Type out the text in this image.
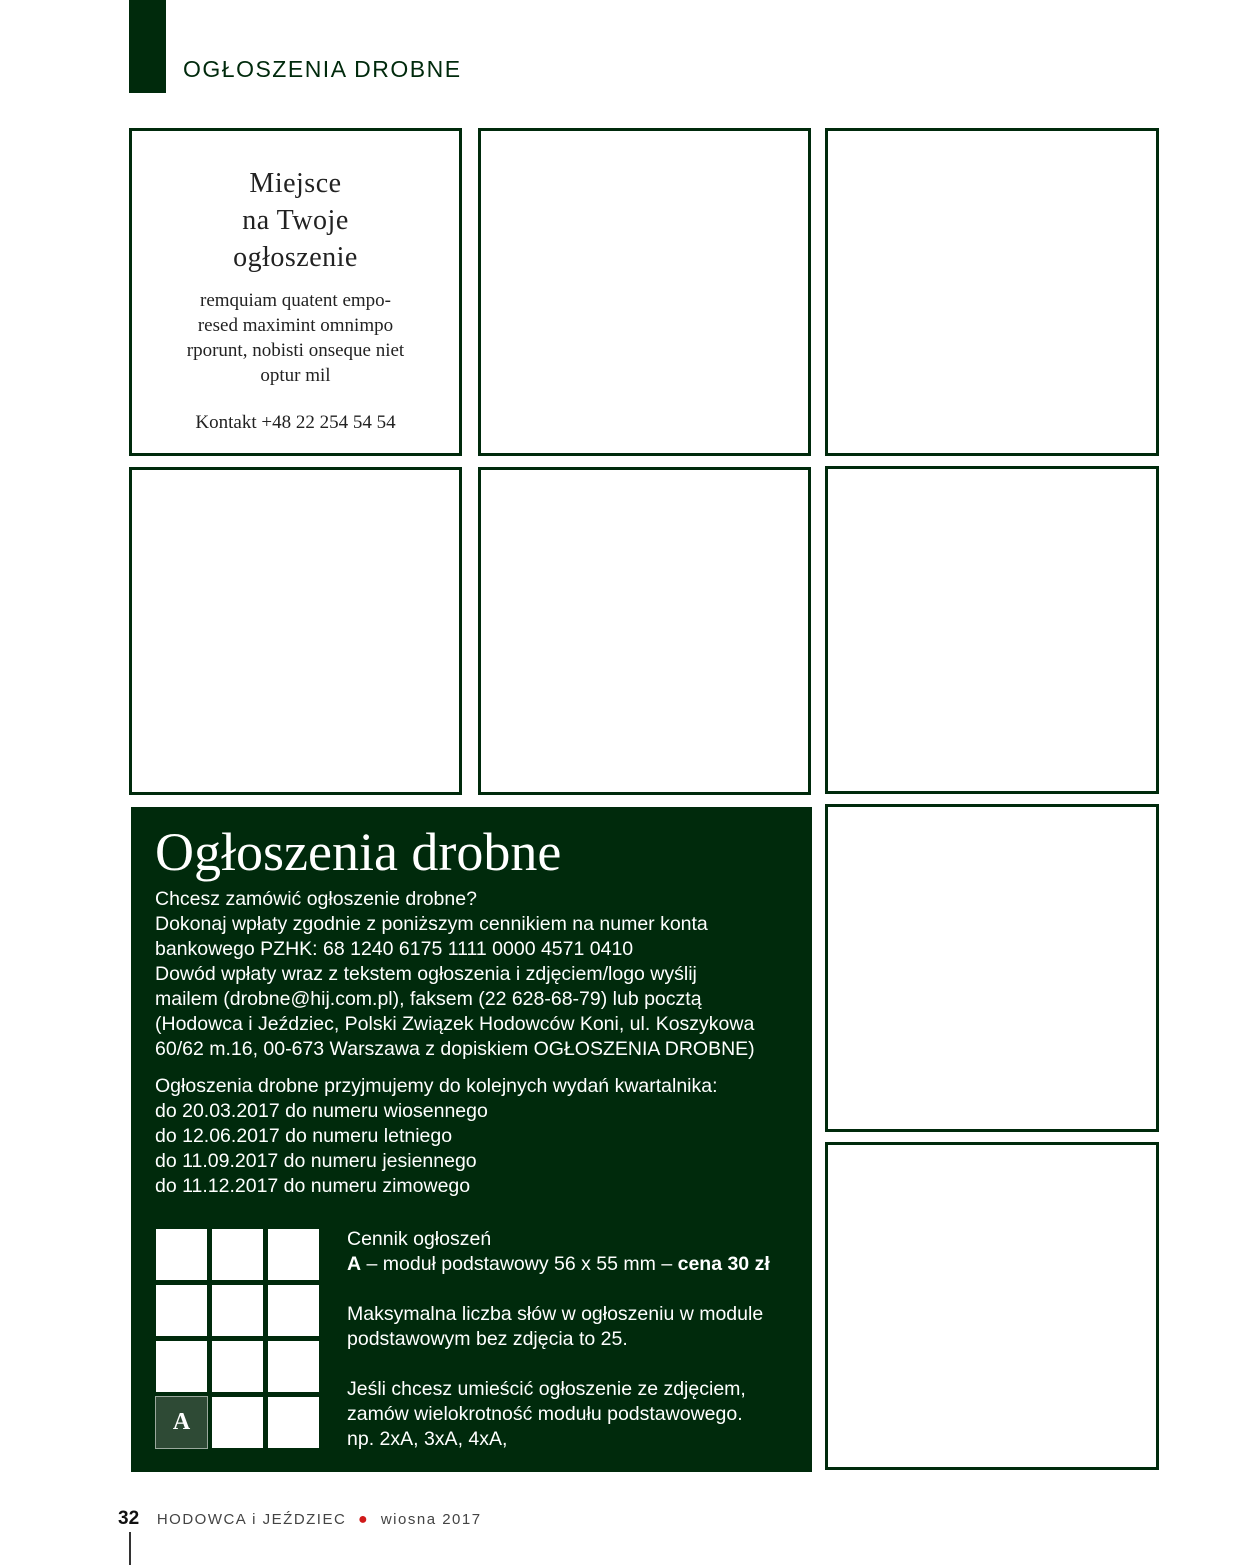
OGŁOSZENIA DROBNE
Miejsce
na Twoje
ogłoszenie
remquiam quatent empo-
resed maximint omnimpo
rporunt, nobisti onseque niet
optur mil
Kontakt +48 22 254 54 54
Ogłoszenia drobne
Chcesz zamówić ogłoszenie drobne?
Dokonaj wpłaty zgodnie z poniższym cennikiem na numer konta
bankowego PZHK: 68 1240 6175 1111 0000 4571 0410
Dowód wpłaty wraz z tekstem ogłoszenia i zdjęciem/logo wyślij
mailem (drobne@hij.com.pl), faksem (22 628-68-79) lub pocztą
(Hodowca i Jeździec, Polski Związek Hodowców Koni, ul. Koszykowa
60/62 m.16, 00-673 Warszawa z dopiskiem OGŁOSZENIA DROBNE)
Ogłoszenia drobne przyjmujemy do kolejnych wydań kwartalnika:
do 20.03.2017 do numeru wiosennego
do 12.06.2017 do numeru letniego
do 11.09.2017 do numeru jesiennego
do 11.12.2017 do numeru zimowego
A
Cennik ogłoszeń
A – moduł podstawowy 56 x 55 mm – cena 30 zł
Maksymalna liczba słów w ogłoszeniu w module
podstawowym bez zdjęcia to 25.
Jeśli chcesz umieścić ogłoszenie ze zdjęciem,
zamów wielokrotność modułu podstawowego.
np. 2xA, 3xA, 4xA,
32 HODOWCA i JEŹDZIEC ● wiosna 2017
